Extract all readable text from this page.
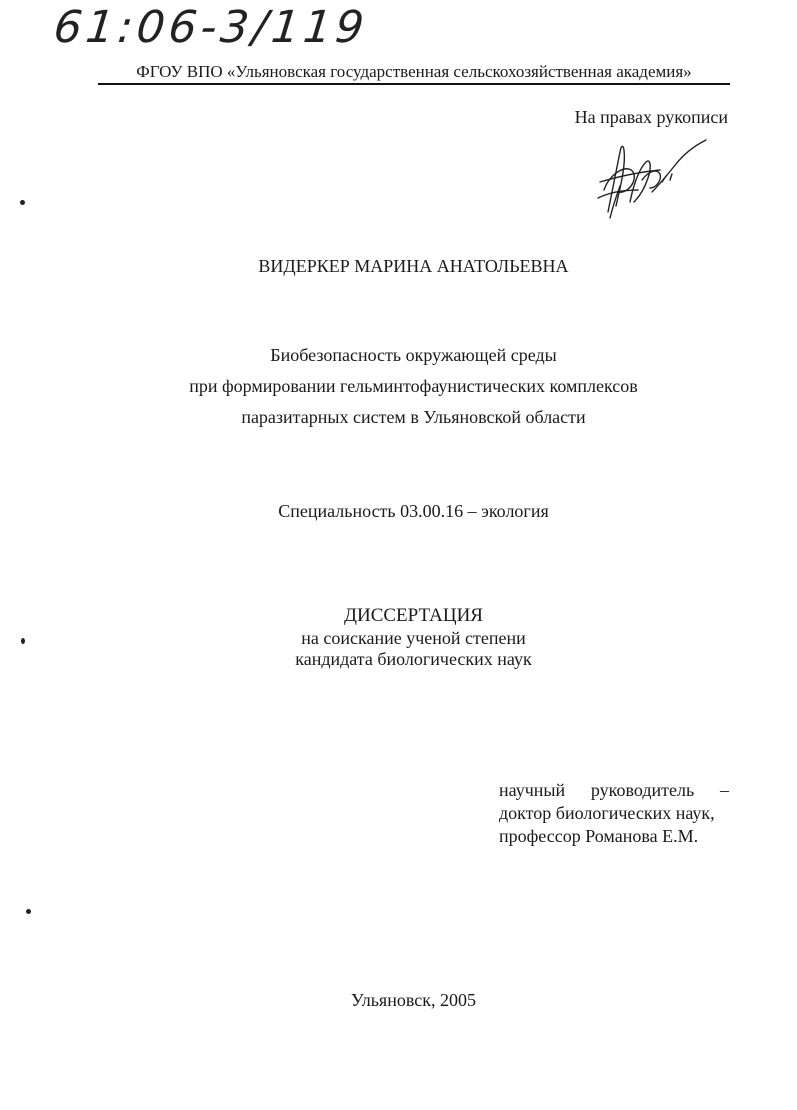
61:06-3/119
ФГОУ ВПО «Ульяновская государственная сельскохозяйственная академия»
На правах рукописи
ВИДЕРКЕР МАРИНА АНАТОЛЬЕВНА
Биобезопасность окружающей среды
при формировании гельминтофаунистических комплексов
паразитарных систем в Ульяновской области
Специальность 03.00.16 – экология
ДИССЕРТАЦИЯ
на соискание ученой степени
кандидата биологических наук
научный руководитель –
доктор биологических наук,
профессор Романова Е.М.
Ульяновск, 2005
